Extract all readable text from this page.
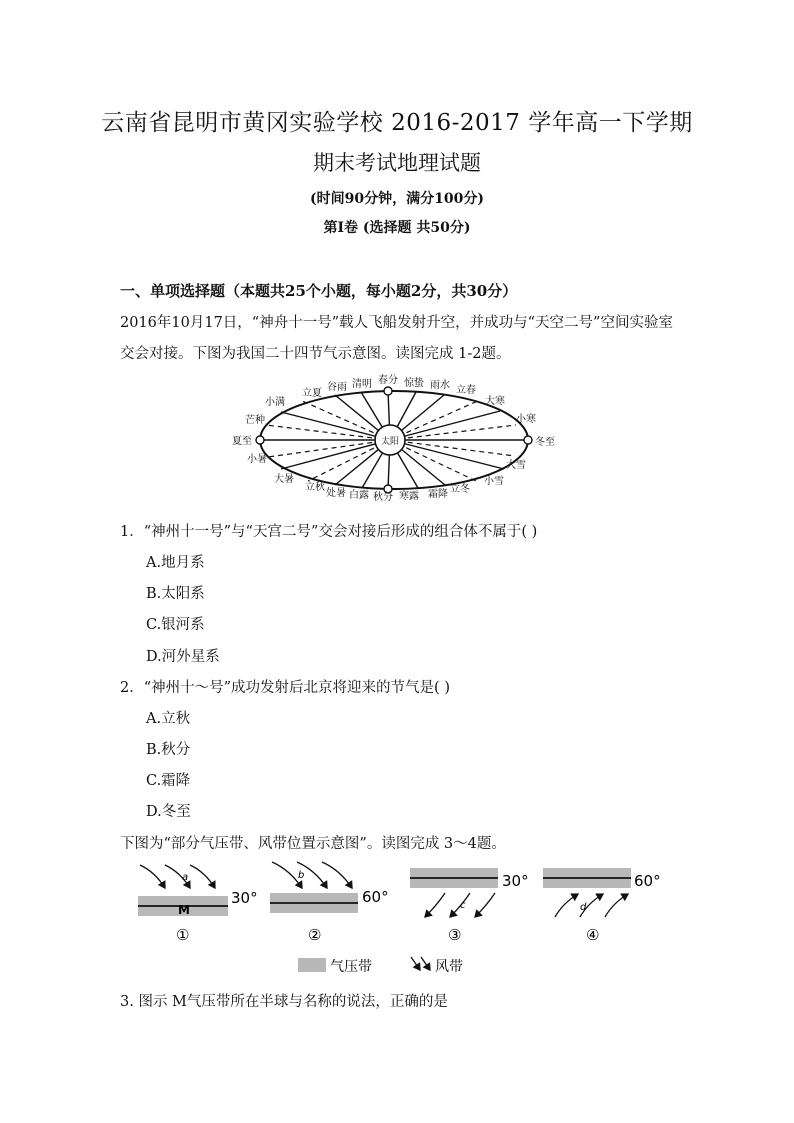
云南省昆明市黄冈实验学校 2016-2017 学年高一下学期
期末考试地理试题
(时间90分钟，满分100分)
第Ⅰ卷 (选择题 共50分)
一、单项选择题（本题共25个小题，每小题2分，共30分）
2016年10月17日，“神舟十一号”载人飞船发射升空，并成功与“天空二号”空间实验室
交会对接。下图为我国二十四节气示意图。读图完成 1-2题。
太阳
立夏
谷雨 清明 春分 惊蛰 雨水 立春
大寒
小寒
冬至
大雪
小雪
立冬
霜降
寒露
秋分
白露
处暑
立秋
大暑
小暑
夏至
芒种
小满
1．“神州十一号”与“天宫二号”交会对接后形成的组合体不属于( )
A.地月系
B.太阳系
C.银河系
D.河外星系
2．“神州十～号”成功发射后北京将迎来的节气是( )
A.立秋
B.秋分
C.霜降
D.冬至
下图为“部分气压带、风带位置示意图”。读图完成 3～4题。
a
M
30°
①
b
60°
②
30°
c
③
60°
d
④
气压带	风带
3. 图示 M气压带所在半球与名称的说法，正确的是
